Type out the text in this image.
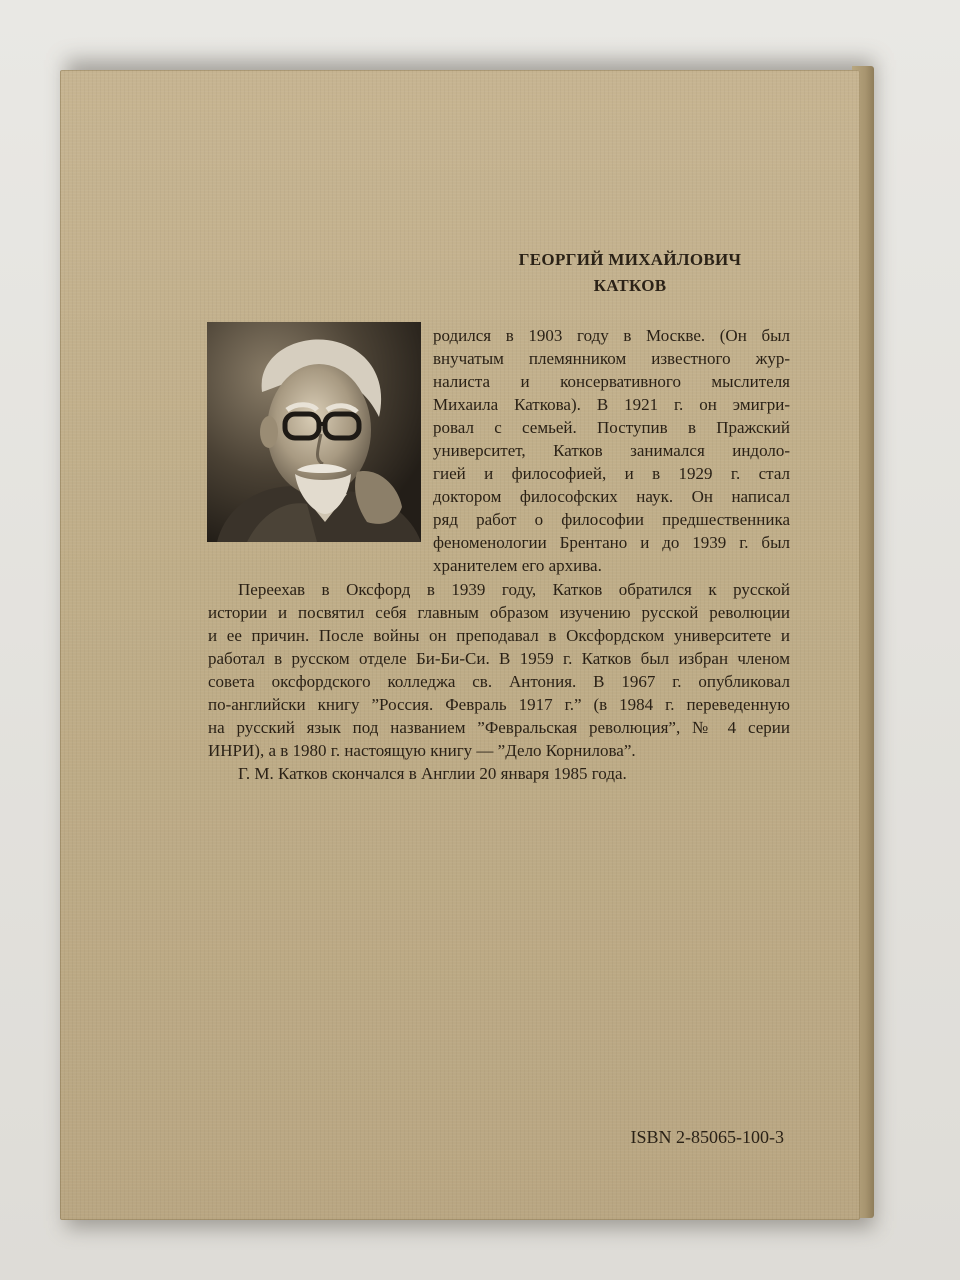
ГЕОРГИЙ МИХАЙЛОВИЧ

КАТКОВ

родился в 1903 году в Москве. (Он был

внучатым племянником известного жур-

налиста и консервативного мыслителя

Михаила Каткова). В 1921 г. он эмигри-

ровал с семьей. Поступив в Пражский

университет, Катков занимался индоло-

гией и философией, и в 1929 г. стал

доктором философских наук. Он написал

ряд работ о философии предшественника

феноменологии Брентано и до 1939 г. был

хранителем его архива.

Переехав в Оксфорд в 1939 году, Катков обратился к русской

истории и посвятил себя главным образом изучению русской революции

и ее причин. После войны он преподавал в Оксфордском университете и

работал в русском отделе Би-Би-Си. В 1959 г. Катков был избран членом

совета оксфордского колледжа св. Антония. В 1967 г. опубликовал

по-английски книгу ”Россия. Февраль 1917 г.” (в 1984 г. переведенную

на русский язык под названием ”Февральская революция”, № 4 серии

ИНРИ), а в 1980 г. настоящую книгу — ”Дело Корнилова”.

Г. М. Катков скончался в Англии 20 января 1985 года.

ISBN 2-85065-100-3
